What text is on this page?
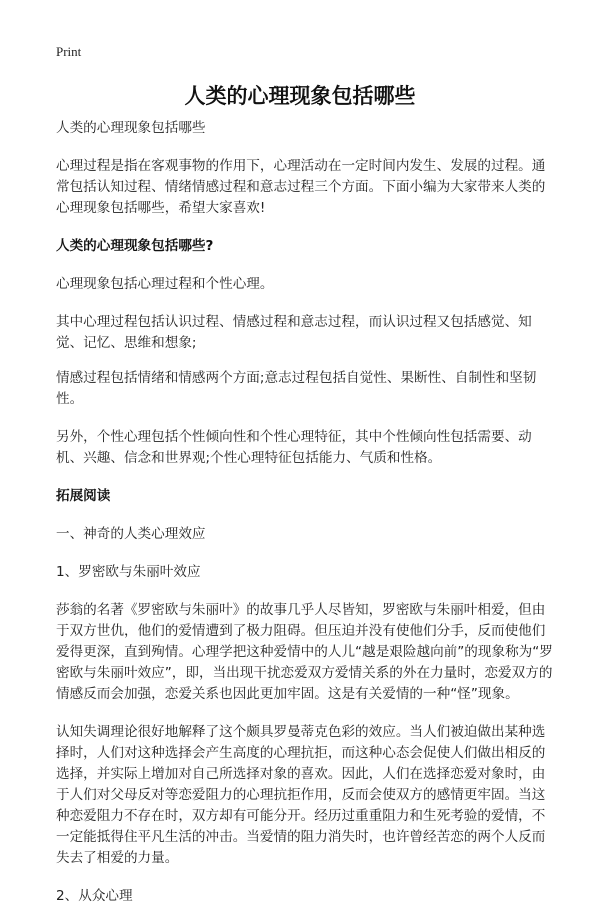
Print
人类的心理现象包括哪些

人类的心理现象包括哪些

心理过程是指在客观事物的作用下，心理活动在一定时间内发生、发展的过程。通常包括认知过程、情绪情感过程和意志过程三个方面。下面小编为大家带来人类的心理现象包括哪些，希望大家喜欢!

人类的心理现象包括哪些?

心理现象包括心理过程和个性心理。

其中心理过程包括认识过程、情感过程和意志过程，而认识过程又包括感觉、知觉、记忆、思维和想象;

情感过程包括情绪和情感两个方面;意志过程包括自觉性、果断性、自制性和坚韧性。

另外，个性心理包括个性倾向性和个性心理特征，其中个性倾向性包括需要、动机、兴趣、信念和世界观;个性心理特征包括能力、气质和性格。

拓展阅读

一、神奇的人类心理效应

1、罗密欧与朱丽叶效应

莎翁的名著《罗密欧与朱丽叶》的故事几乎人尽皆知，罗密欧与朱丽叶相爱，但由于双方世仇，他们的爱情遭到了极力阻碍。但压迫并没有使他们分手，反而使他们爱得更深，直到殉情。心理学把这种爱情中的人儿“越是艰险越向前”的现象称为“罗密欧与朱丽叶效应”，即，当出现干扰恋爱双方爱情关系的外在力量时，恋爱双方的情感反而会加强，恋爱关系也因此更加牢固。这是有关爱情的一种“怪”现象。

认知失调理论很好地解释了这个颇具罗曼蒂克色彩的效应。当人们被迫做出某种选择时，人们对这种选择会产生高度的心理抗拒，而这种心态会促使人们做出相反的选择，并实际上增加对自己所选择对象的喜欢。因此，人们在选择恋爱对象时，由于人们对父母反对等恋爱阻力的心理抗拒作用，反而会使双方的感情更牢固。当这种恋爱阻力不存在时，双方却有可能分开。经历过重重阻力和生死考验的爱情，不一定能抵得住平凡生活的冲击。当爱情的阻力消失时，也许曾经苦恋的两个人反而失去了相爱的力量。

2、从众心理
